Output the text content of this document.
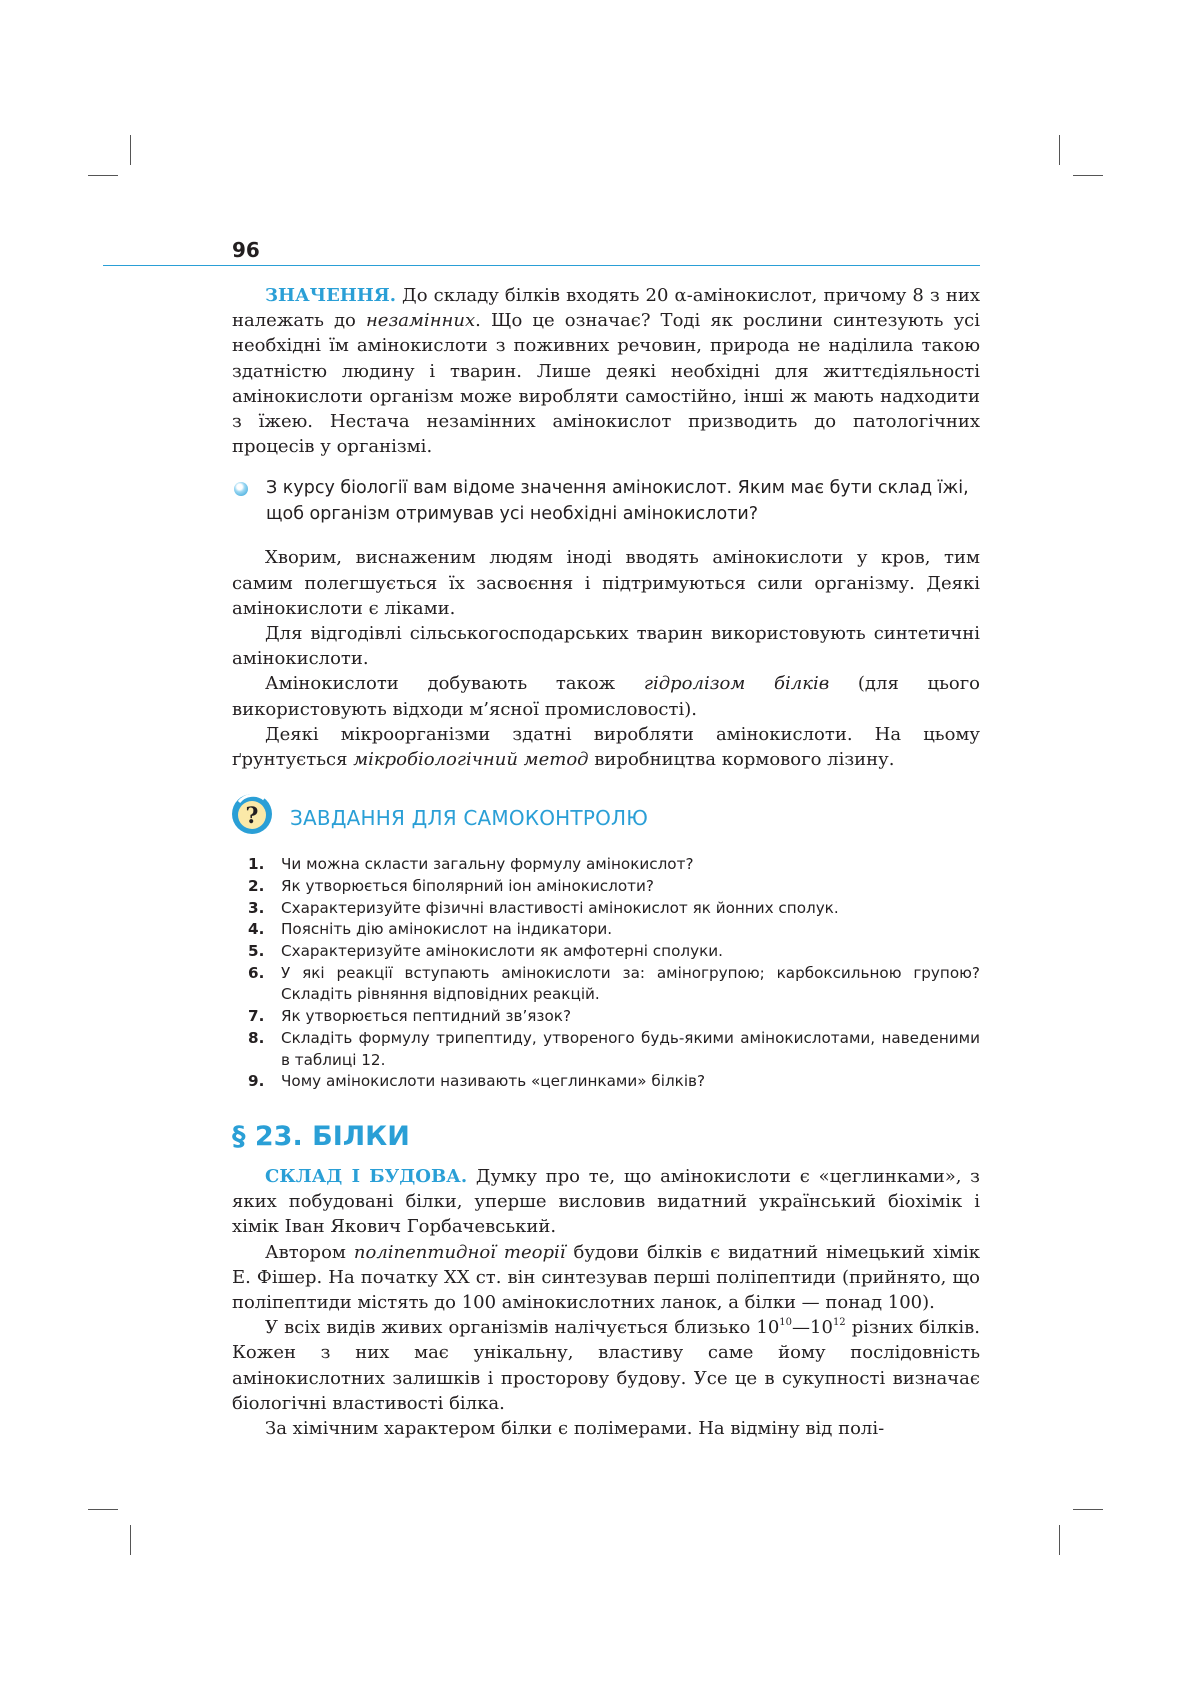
96

ЗНАЧЕННЯ. До складу білків входять 20 α-амінокислот, причому 8 з них належать до незамінних. Що це означає? Тоді як рослини синтезують усі необхідні їм амінокислоти з поживних речовин, природа не наділила такою здатністю людину і тварин. Лише деякі необхідні для життєдіяльності амінокислоти організм може виробляти самостійно, інші ж мають надходити з їжею. Нестача незамінних амінокислот призводить до патологічних процесів у організмі.

З курсу біології вам відоме значення амінокислот. Яким має бути склад їжі, щоб організм отримував усі необхідні амінокислоти?

Хворим, виснаженим людям іноді вводять амінокислоти у кров, тим самим полегшується їх засвоєння і підтримуються сили організму. Деякі амінокислоти є ліками.

Для відгодівлі сільськогосподарських тварин використовують синтетичні амінокислоти.

Амінокислоти добувають також гідролізом білків (для цього використовують відходи м’ясної промисловості).

Деякі мікроорганізми здатні виробляти амінокислоти. На цьому ґрунтується мікробіологічний метод виробництва кормового лізину.

? ЗАВДАННЯ ДЛЯ САМОКОНТРОЛЮ
1. Чи можна скласти загальну формулу амінокислот?
2. Як утворюється біполярний іон амінокислоти?
3. Схарактеризуйте фізичні властивості амінокислот як йонних сполук.
4. Поясніть дію амінокислот на індикатори.
5. Схарактеризуйте амінокислоти як амфотерні сполуки.
6. У які реакції вступають амінокислоти за: аміногрупою; карбоксильною групою? Складіть рівняння відповідних реакцій.
7. Як утворюється пептидний зв’язок?
8. Складіть формулу трипептиду, утвореного будь-якими амінокислотами, наведеними в таблиці 12.
9. Чому амінокислоти називають «цеглинками» білків?
§ 23. БІЛКИ

СКЛАД І БУДОВА. Думку про те, що амінокислоти є «цеглинками», з яких побудовані білки, уперше висловив видатний український біохімік і хімік Іван Якович Горбачевський.

Автором поліпептидної теорії будови білків є видатний німецький хімік Е. Фішер. На початку XX ст. він синтезував перші поліпептиди (прийнято, що поліпептиди містять до 100 амінокислотних ланок, а білки — понад 100).

У всіх видів живих організмів налічується близько $10^{10}—10^{12}$ різних білків. Кожен з них має унікальну, властиву саме йому послідовність амінокислотних залишків і просторову будову. Усе це в сукупності визначає біологічні властивості білка.

За хімічним характером білки є полімерами. На відміну від полі-
